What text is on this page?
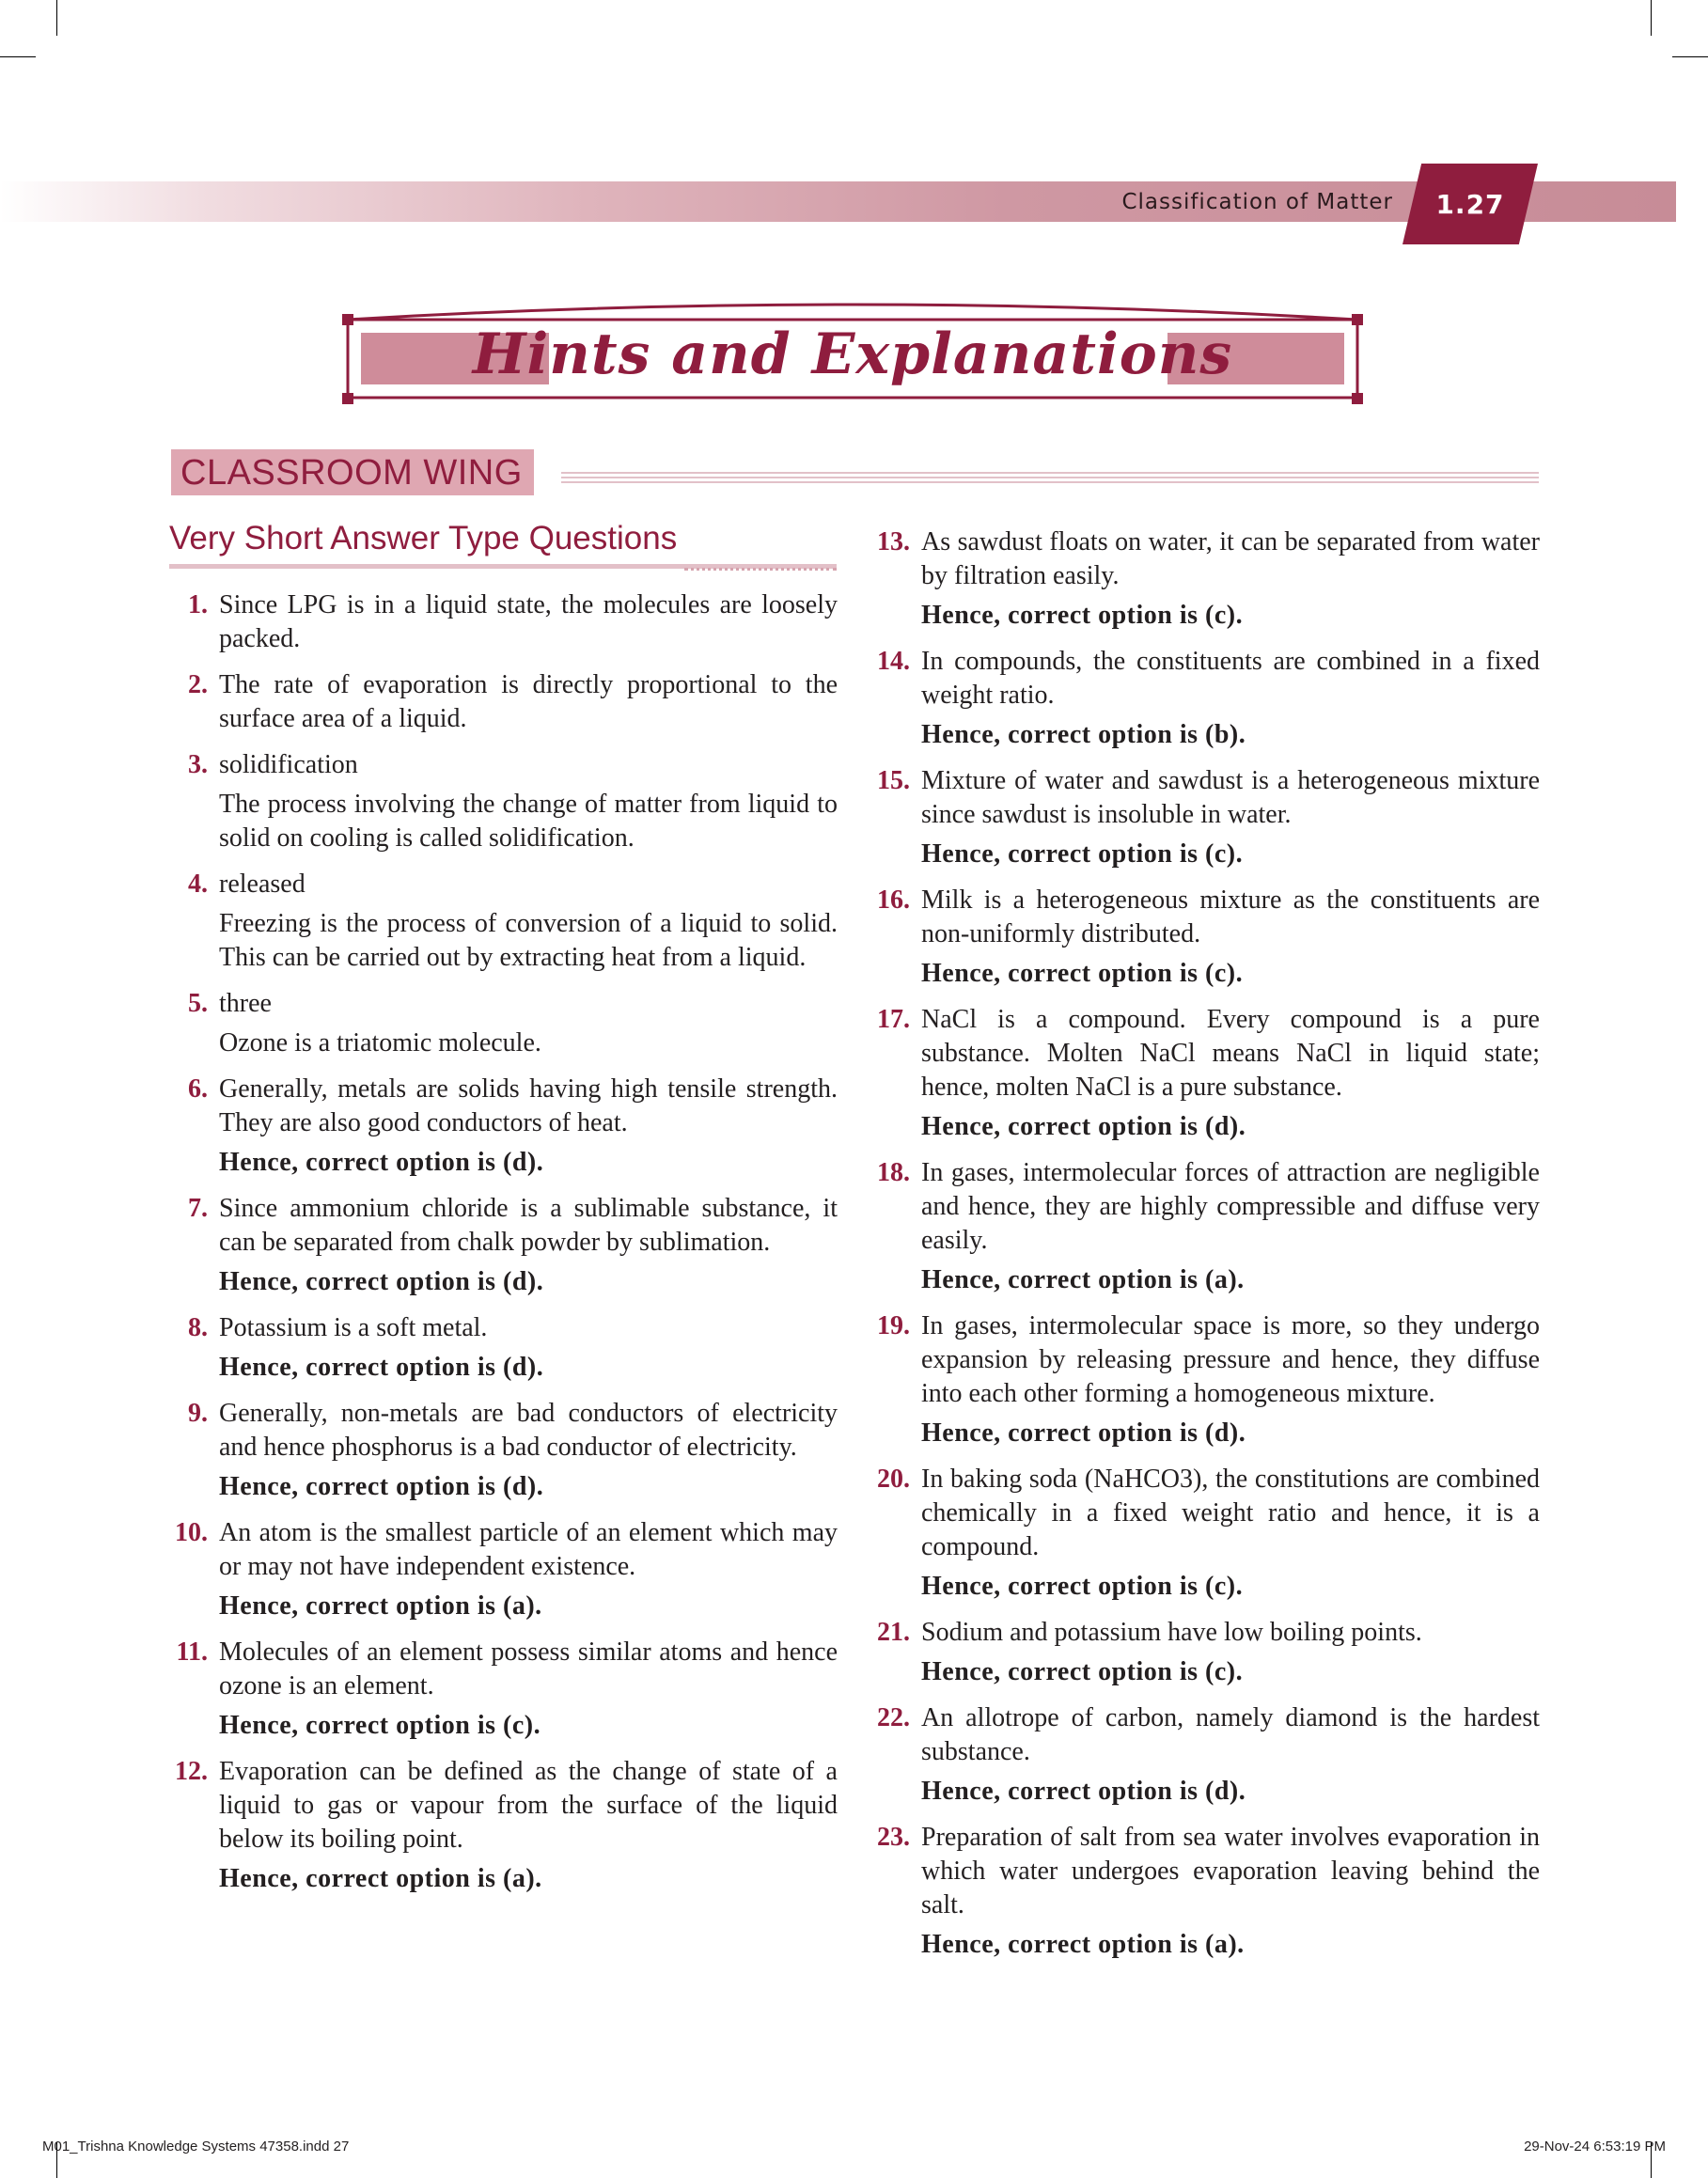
Classification of Matter	1.27
Hints and Explanations
CLASSROOM WING
Very Short Answer Type Questions
1. Since LPG is in a liquid state, the molecules are loosely packed.

2. The rate of evaporation is directly proportional to the surface area of a liquid.

3. solidification

The process involving the change of matter from liquid to solid on cooling is called solidification.

4. released

Freezing is the process of conversion of a liquid to solid. This can be carried out by extracting heat from a liquid.

5. three

Ozone is a triatomic molecule.

6. Generally, metals are solids having high tensile strength. They are also good conductors of heat.

Hence, correct option is (d).
7. Since ammonium chloride is a sublimable substance, it can be separated from chalk powder by sublimation.

Hence, correct option is (d).
8. Potassium is a soft metal.

Hence, correct option is (d).
9. Generally, non-metals are bad conductors of electricity and hence phosphorus is a bad conductor of electricity.

Hence, correct option is (d).
10. An atom is the smallest particle of an element which may or may not have independent existence.

Hence, correct option is (a).
11. Molecules of an element possess similar atoms and hence ozone is an element.

Hence, correct option is (c).
12. Evaporation can be defined as the change of state of a liquid to gas or vapour from the surface of the liquid below its boiling point.

Hence, correct option is (a).
13. As sawdust floats on water, it can be separated from water by filtration easily.

Hence, correct option is (c).
14. In compounds, the constituents are combined in a fixed weight ratio.

Hence, correct option is (b).
15. Mixture of water and sawdust is a heterogeneous mixture since sawdust is insoluble in water.

Hence, correct option is (c).
16. Milk is a heterogeneous mixture as the constituents are non-uniformly distributed.

Hence, correct option is (c).
17. NaCl is a compound. Every compound is a pure substance. Molten NaCl means NaCl in liquid state; hence, molten NaCl is a pure substance.

Hence, correct option is (d).
18. In gases, intermolecular forces of attraction are negligible and hence, they are highly compressible and diffuse very easily.

Hence, correct option is (a).
19. In gases, intermolecular space is more, so they undergo expansion by releasing pressure and hence, they diffuse into each other forming a homogeneous mixture.

Hence, correct option is (d).
20. In baking soda (NaHCO3), the constitutions are combined chemically in a fixed weight ratio and hence, it is a compound.

Hence, correct option is (c).
21. Sodium and potassium have low boiling points.

Hence, correct option is (c).
22. An allotrope of carbon, namely diamond is the hardest substance.

Hence, correct option is (d).
23. Preparation of salt from sea water involves evaporation in which water undergoes evaporation leaving behind the salt.

Hence, correct option is (a).
M01_Trishna Knowledge Systems 47358.indd 27	29-Nov-24 6:53:19 PM
